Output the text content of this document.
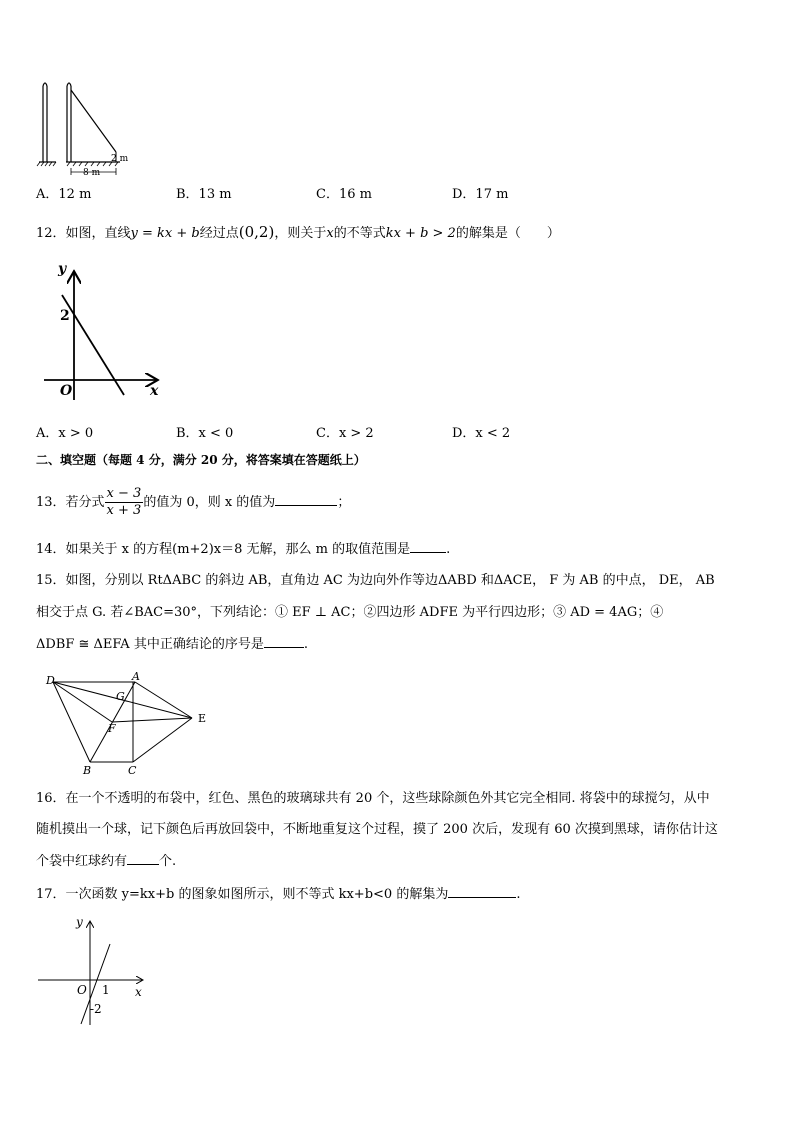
8 m
2 m
A．12 m	B．13 m	C．16 m	D．17 m
12．如图，直线y = kx + b经过点(0,2)，则关于x的不等式kx + b > 2的解集是（　　）
y
x
O
2
A．x > 0	B．x < 0	C．x > 2	D．x < 2
二、填空题（每题 4 分，满分 20 分，将答案填在答题纸上）
13．若分式 $\frac{x - 3}{x + 3}$ 的值为 0，则 x 的值为	；
14．如果关于 x 的方程(m+2)x＝8 无解，那么 m 的取值范围是	.
15．如图，分别以 RtΔABC 的斜边 AB，直角边 AC 为边向外作等边ΔABD 和ΔACE， F 为 AB 的中点， DE， AB
相交于点 G. 若∠BAC=30°，下列结论：① EF ⊥ AC；②四边形 ADFE 为平行四边形；③ AD = 4AG；④
ΔDBF ≅ ΔEFA 其中正确结论的序号是	.
D	A
G
F
E
B	C
16．在一个不透明的布袋中，红色、黑色的玻璃球共有 20 个，这些球除颜色外其它完全相同. 将袋中的球搅匀，从中
随机摸出一个球，记下颜色后再放回袋中，不断地重复这个过程，摸了 200 次后，发现有 60 次摸到黑球，请你估计这
个袋中红球约有 个.
17．一次函数 y=kx+b 的图象如图所示，则不等式 kx+b<0 的解集为	.
y
x
O 1
-2
